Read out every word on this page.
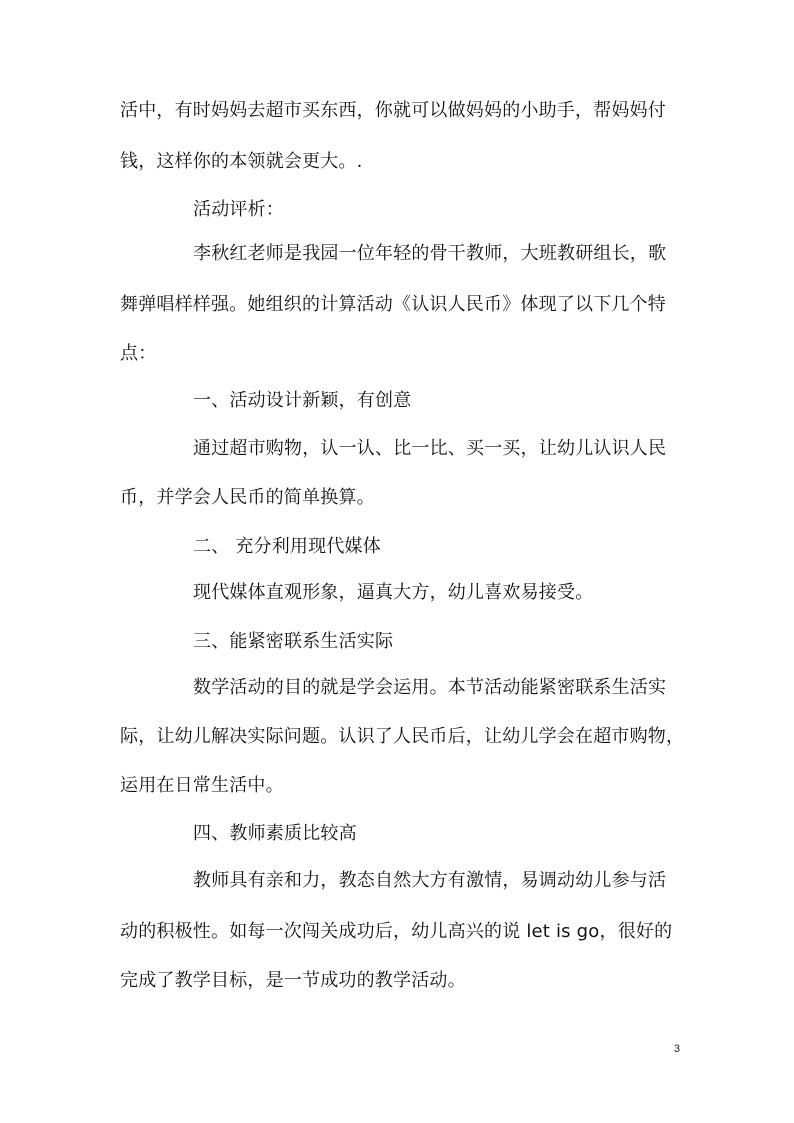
活中，有时妈妈去超市买东西，你就可以做妈妈的小助手，帮妈妈付
钱，这样你的本领就会更大。.
活动评析：
李秋红老师是我园一位年轻的骨干教师，大班教研组长，歌
舞弹唱样样强。她组织的计算活动《认识人民币》体现了以下几个特
点：
一、活动设计新颖，有创意
通过超市购物，认一认、比一比、买一买，让幼儿认识人民
币，并学会人民币的简单换算。
二、 充分利用现代媒体
现代媒体直观形象，逼真大方，幼儿喜欢易接受。
三、能紧密联系生活实际
数学活动的目的就是学会运用。本节活动能紧密联系生活实
际，让幼儿解决实际问题。认识了人民币后，让幼儿学会在超市购物，
运用在日常生活中。
四、教师素质比较高
教师具有亲和力，教态自然大方有激情，易调动幼儿参与活
动的积极性。如每一次闯关成功后，幼儿高兴的说 let is go，很好的
完成了教学目标，是一节成功的教学活动。
3
